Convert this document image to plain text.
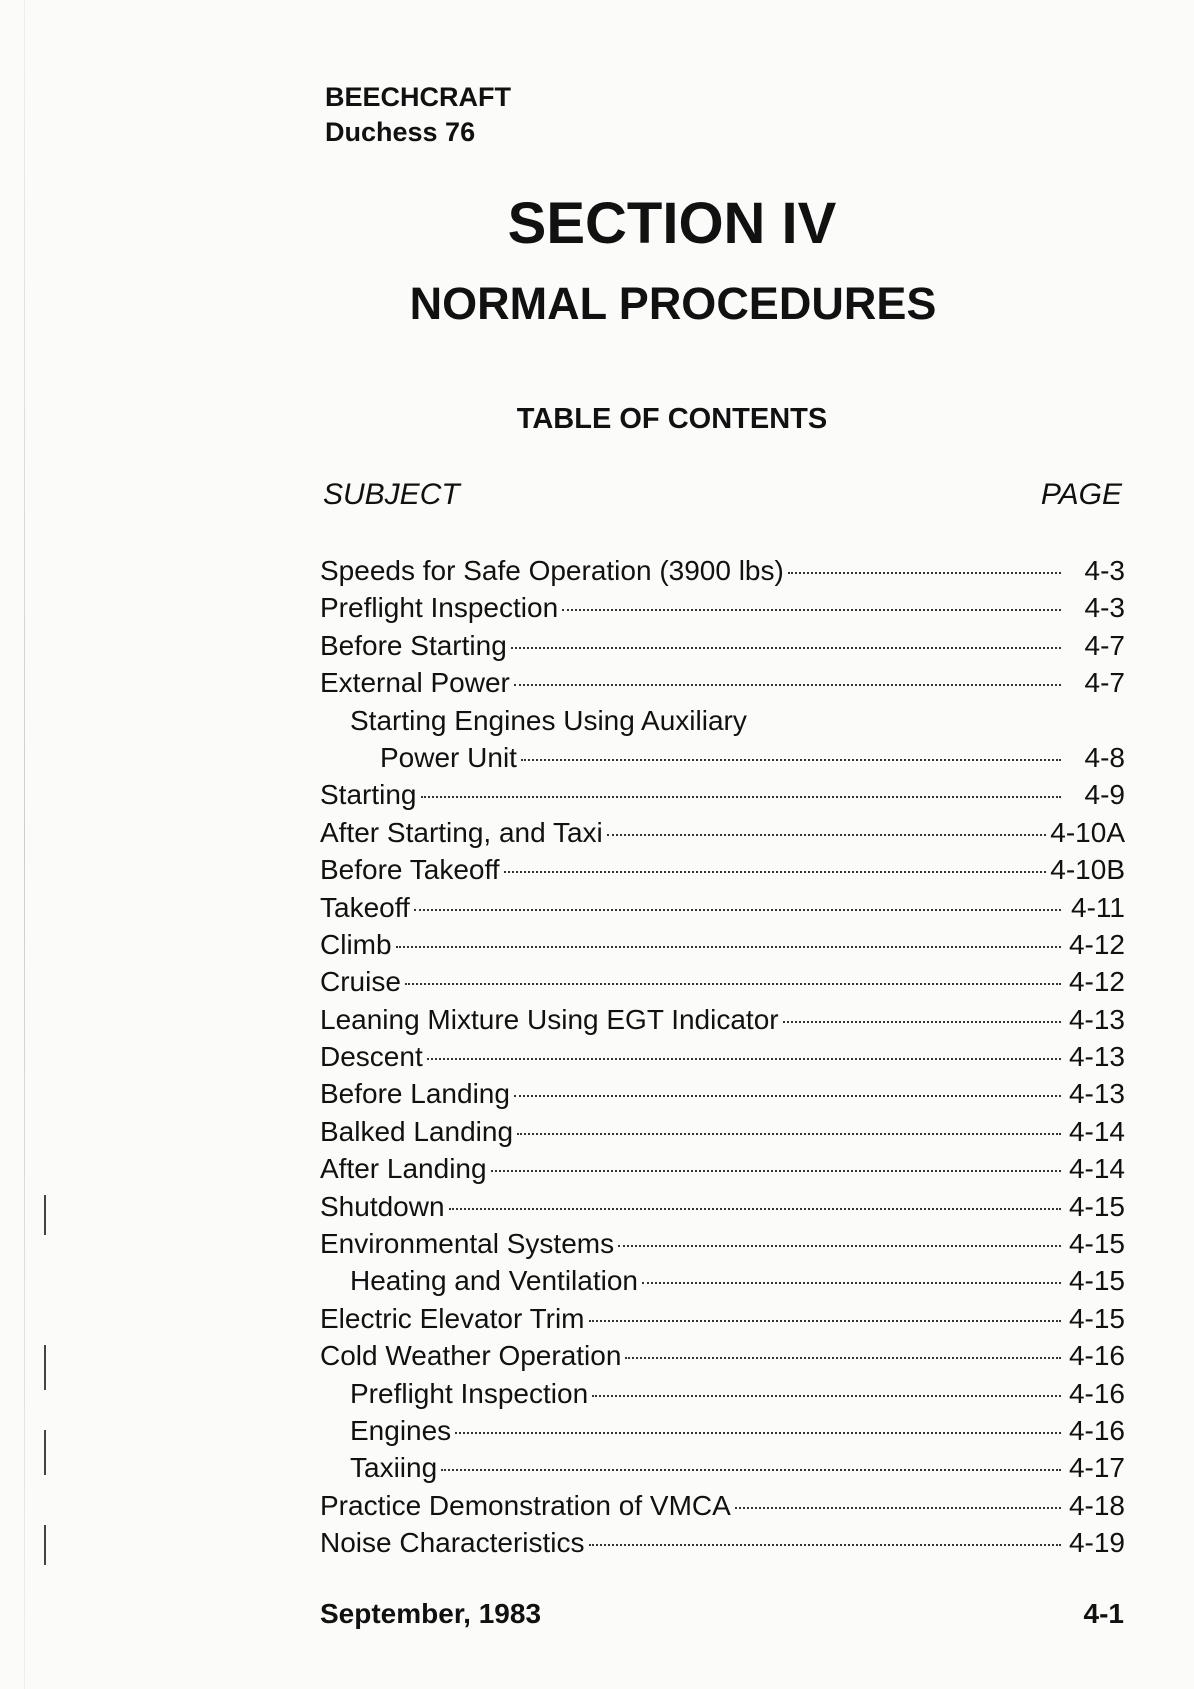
BEECHCRAFT
Duchess 76
SECTION IV
NORMAL PROCEDURES
TABLE OF CONTENTS
SUBJECT	PAGE
Speeds for Safe Operation (3900 lbs)	4-3
Preflight Inspection	4-3
Before Starting	4-7
External Power	4-7
Starting Engines Using Auxiliary
Power Unit	4-8
Starting	4-9
After Starting, and Taxi	4-10A
Before Takeoff	4-10B
Takeoff	4-11
Climb	4-12
Cruise	4-12
Leaning Mixture Using EGT Indicator	4-13
Descent	4-13
Before Landing	4-13
Balked Landing	4-14
After Landing	4-14
Shutdown	4-15
Environmental Systems	4-15
Heating and Ventilation	4-15
Electric Elevator Trim	4-15
Cold Weather Operation	4-16
Preflight Inspection	4-16
Engines	4-16
Taxiing	4-17
Practice Demonstration of VMCA	4-18
Noise Characteristics	4-19
September, 1983	4-1
